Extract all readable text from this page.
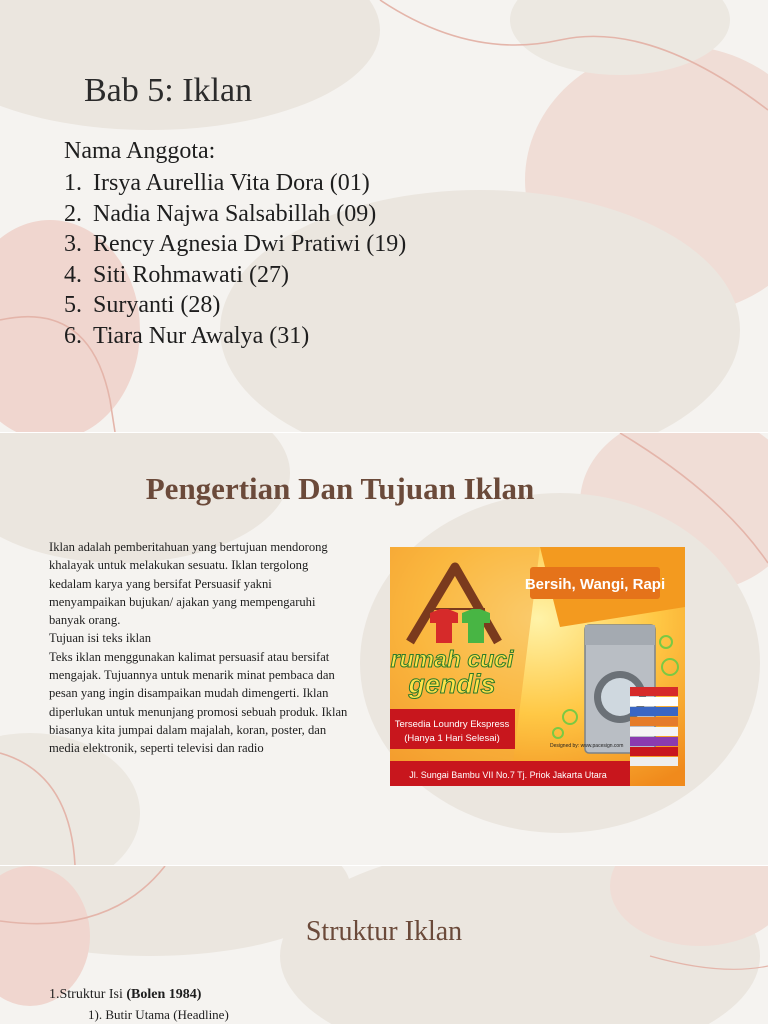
Bab 5: Iklan
Nama Anggota:
1. Irsya Aurellia Vita Dora (01)
2. Nadia Najwa Salsabillah (09)
3. Rency Agnesia Dwi Pratiwi (19)
4. Siti Rohmawati (27)
5. Suryanti (28)
6. Tiara Nur Awalya (31)
Pengertian Dan Tujuan Iklan
Iklan adalah pemberitahuan yang bertujuan mendorong khalayak untuk melakukan sesuatu. Iklan tergolong kedalam karya yang bersifat Persuasif yakni menyampaikan bujukan/ ajakan yang mempengaruhi banyak orang.
Tujuan isi teks iklan
Teks iklan menggunakan kalimat persuasif atau bersifat mengajak. Tujuannya untuk menarik minat pembaca dan pesan yang ingin disampaikan mudah dimengerti. Iklan diperlukan untuk menunjang promosi sebuah produk. Iklan biasanya kita jumpai dalam majalah, koran, poster, dan media elektronik, seperti televisi dan radio
Bersih, Wangi, Rapi
rumah cuci
gendis
Tersedia Loundry Ekspress
(Hanya 1 Hari Selesai)
Designed by: www.pacesign.com
Jl. Sungai Bambu VII No.7 Tj. Priok Jakarta Utara
Struktur Iklan
1.Struktur Isi (Bolen 1984)
1). Butir Utama (Headline)
